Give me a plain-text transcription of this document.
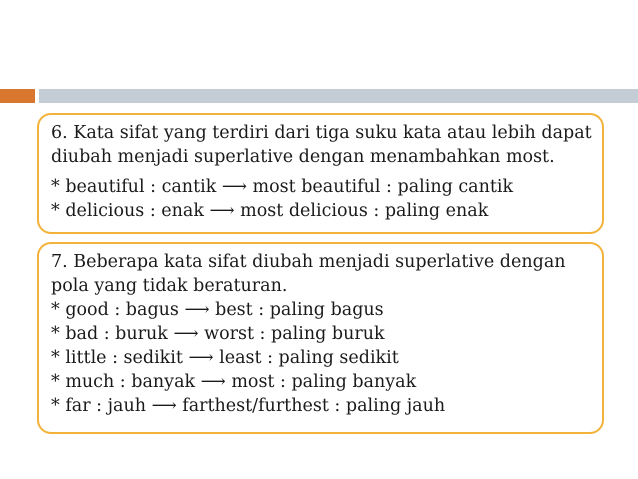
6. Kata sifat yang terdiri dari tiga suku kata atau lebih dapat
diubah menjadi superlative dengan menambahkan most.
* beautiful : cantik ⟶ most beautiful : paling cantik
* delicious : enak ⟶ most delicious : paling enak
7. Beberapa kata sifat diubah menjadi superlative dengan
pola yang tidak beraturan.
* good : bagus ⟶ best : paling bagus
* bad : buruk ⟶ worst : paling buruk
* little : sedikit ⟶ least : paling sedikit
* much : banyak ⟶ most : paling banyak
* far : jauh ⟶ farthest/furthest : paling jauh
